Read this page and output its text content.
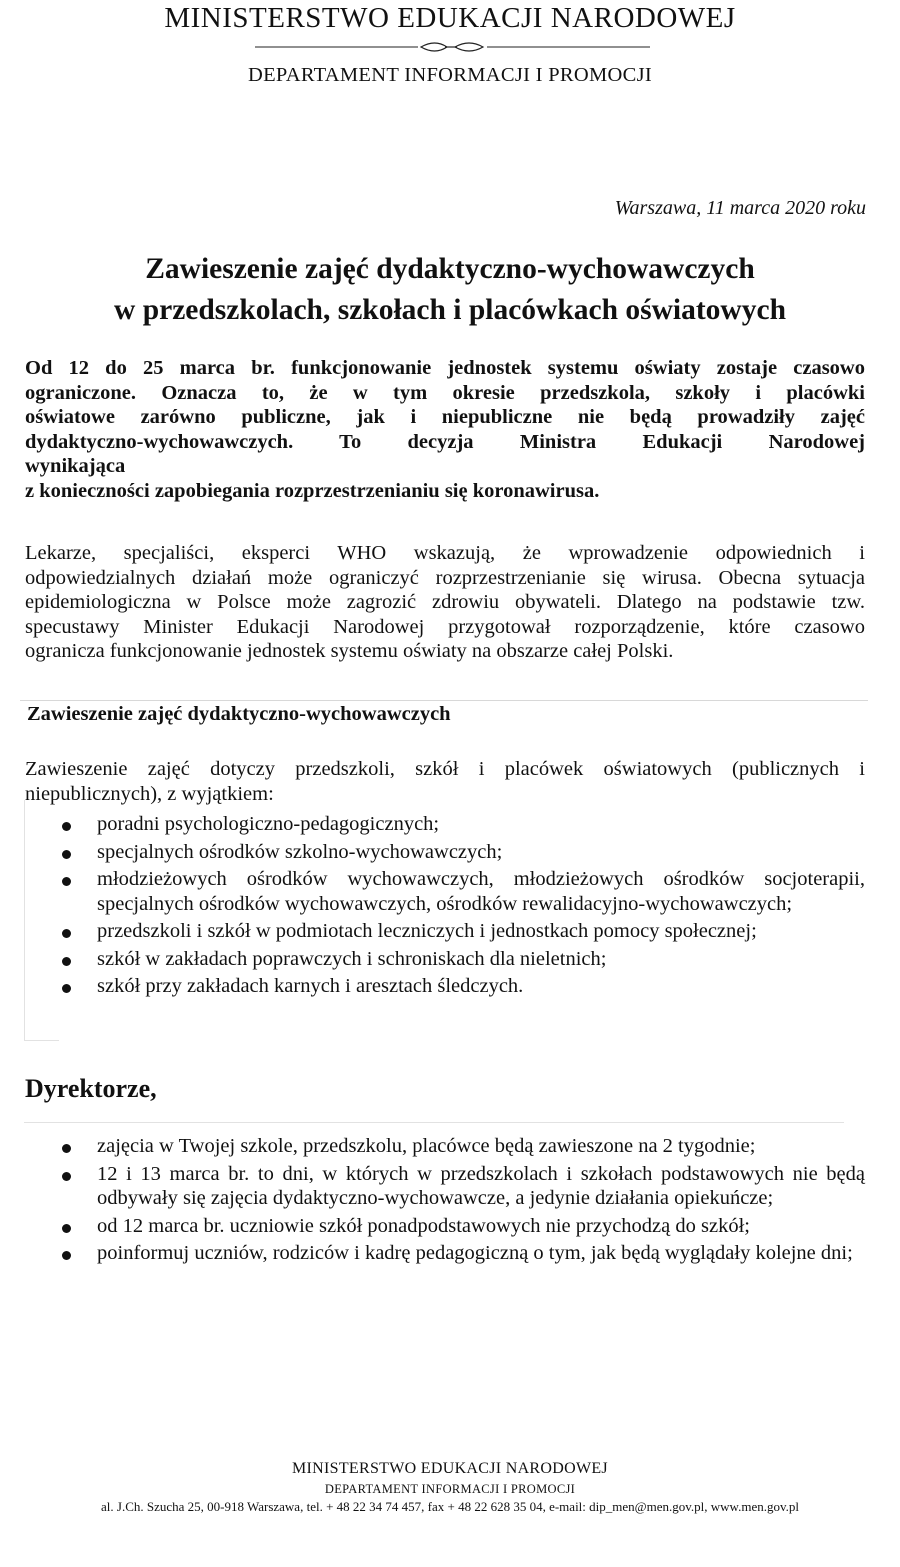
MINISTERSTWO EDUKACJI NARODOWEJ
DEPARTAMENT INFORMACJI I PROMOCJI
Warszawa, 11 marca 2020 roku
Zawieszenie zajęć dydaktyczno-wychowawczych
w przedszkolach, szkołach i placówkach oświatowych
Od 12 do 25 marca br. funkcjonowanie jednostek systemu oświaty zostaje czasowo
ograniczone. Oznacza to, że w tym okresie przedszkola, szkoły i placówki
oświatowe zarówno publiczne, jak i niepubliczne nie będą prowadziły zajęć
dydaktyczno-wychowawczych. To decyzja Ministra Edukacji Narodowej
wynikająca
z konieczności zapobiegania rozprzestrzenianiu się koronawirusa.
Lekarze, specjaliści, eksperci WHO wskazują, że wprowadzenie odpowiednich i
odpowiedzialnych działań może ograniczyć rozprzestrzenianie się wirusa. Obecna sytuacja
epidemiologiczna w Polsce może zagrozić zdrowiu obywateli. Dlatego na podstawie tzw.
specustawy Minister Edukacji Narodowej przygotował rozporządzenie, które czasowo
ogranicza funkcjonowanie jednostek systemu oświaty na obszarze całej Polski.
Zawieszenie zajęć dydaktyczno-wychowawczych
Zawieszenie zajęć dotyczy przedszkoli, szkół i placówek oświatowych (publicznych i
niepublicznych), z wyjątkiem:
poradni psychologiczno-pedagogicznych;
specjalnych ośrodków szkolno-wychowawczych;
młodzieżowych ośrodków wychowawczych, młodzieżowych ośrodków socjoterapii, specjalnych ośrodków wychowawczych, ośrodków rewalidacyjno-wychowawczych;
przedszkoli i szkół w podmiotach leczniczych i jednostkach pomocy społecznej;
szkół w zakładach poprawczych i schroniskach dla nieletnich;
szkół przy zakładach karnych i aresztach śledczych.
Dyrektorze,
zajęcia w Twojej szkole, przedszkolu, placówce będą zawieszone na 2 tygodnie;
12 i 13 marca br. to dni, w których w przedszkolach i szkołach podstawowych nie będą odbywały się zajęcia dydaktyczno-wychowawcze, a jedynie działania opiekuńcze;
od 12 marca br. uczniowie szkół ponadpodstawowych nie przychodzą do szkół;
poinformuj uczniów, rodziców i kadrę pedagogiczną o tym, jak będą wyglądały kolejne dni;
MINISTERSTWO EDUKACJI NARODOWEJ
DEPARTAMENT INFORMACJI I PROMOCJI
al. J.Ch. Szucha 25, 00-918 Warszawa, tel. + 48 22 34 74 457, fax + 48 22 628 35 04, e-mail: dip_men@men.gov.pl, www.men.gov.pl
